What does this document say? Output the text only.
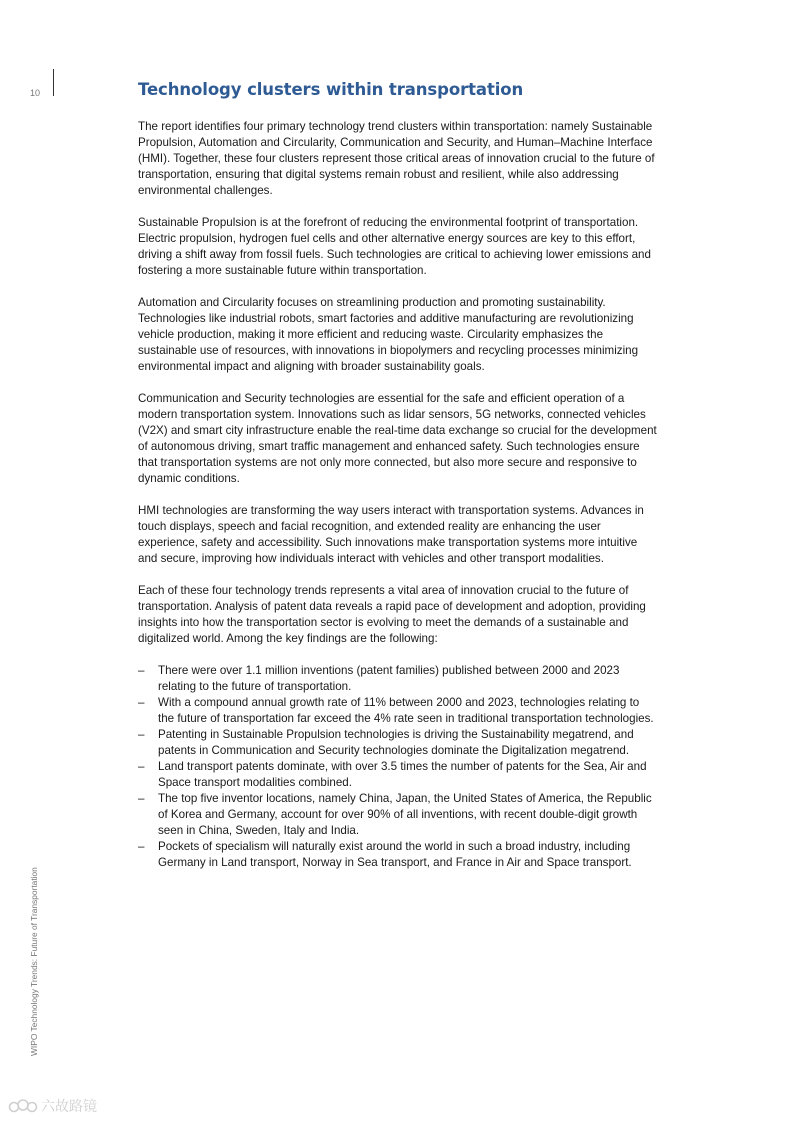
10	Technology clusters within transportation

The report identifies four primary technology trend clusters within transportation: namely Sustainable Propulsion, Automation and Circularity, Communication and Security, and Human–Machine Interface (HMI). Together, these four clusters represent those critical areas of innovation crucial to the future of transportation, ensuring that digital systems remain robust and resilient, while also addressing environmental challenges.

Sustainable Propulsion is at the forefront of reducing the environmental footprint of transportation. Electric propulsion, hydrogen fuel cells and other alternative energy sources are key to this effort, driving a shift away from fossil fuels. Such technologies are critical to achieving lower emissions and fostering a more sustainable future within transportation.

Automation and Circularity focuses on streamlining production and promoting sustainability. Technologies like industrial robots, smart factories and additive manufacturing are revolutionizing vehicle production, making it more efficient and reducing waste. Circularity emphasizes the sustainable use of resources, with innovations in biopolymers and recycling processes minimizing environmental impact and aligning with broader sustainability goals.

Communication and Security technologies are essential for the safe and efficient operation of a modern transportation system. Innovations such as lidar sensors, 5G networks, connected vehicles (V2X) and smart city infrastructure enable the real-time data exchange so crucial for the development of autonomous driving, smart traffic management and enhanced safety. Such technologies ensure that transportation systems are not only more connected, but also more secure and responsive to dynamic conditions.

HMI technologies are transforming the way users interact with transportation systems. Advances in touch displays, speech and facial recognition, and extended reality are enhancing the user experience, safety and accessibility. Such innovations make transportation systems more intuitive and secure, improving how individuals interact with vehicles and other transport modalities.

Each of these four technology trends represents a vital area of innovation crucial to the future of transportation. Analysis of patent data reveals a rapid pace of development and adoption, providing insights into how the transportation sector is evolving to meet the demands of a sustainable and digitalized world. Among the key findings are the following:

– There were over 1.1 million inventions (patent families) published between 2000 and 2023 relating to the future of transportation.
– With a compound annual growth rate of 11% between 2000 and 2023, technologies relating to the future of transportation far exceed the 4% rate seen in traditional transportation technologies.
– Patenting in Sustainable Propulsion technologies is driving the Sustainability megatrend, and patents in Communication and Security technologies dominate the Digitalization megatrend.
– Land transport patents dominate, with over 3.5 times the number of patents for the Sea, Air and Space transport modalities combined.
– The top five inventor locations, namely China, Japan, the United States of America, the Republic of Korea and Germany, account for over 90% of all inventions, with recent double-digit growth seen in China, Sweden, Italy and India.
– Pockets of specialism will naturally exist around the world in such a broad industry, including Germany in Land transport, Norway in Sea transport, and France in Air and Space transport.
WIPO Technology Trends: Future of Transportation
六故路镜
